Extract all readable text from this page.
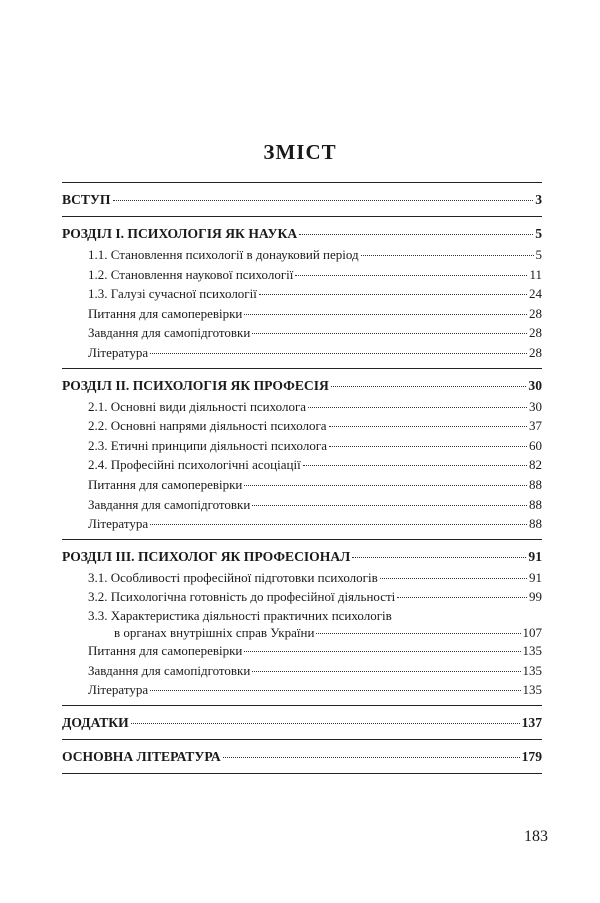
ЗМІСТ
ВСТУП	3
РОЗДІЛ І. ПСИХОЛОГІЯ ЯК НАУКА	5
1.1. Становлення психології в донауковий період	5
1.2. Становлення наукової психології	11
1.3. Галузі сучасної психології	24
Питання для самоперевірки	28
Завдання для самопідготовки	28
Література	28
РОЗДІЛ ІІ. ПСИХОЛОГІЯ ЯК ПРОФЕСІЯ	30
2.1. Основні види діяльності психолога	30
2.2. Основні напрями діяльності психолога	37
2.3. Етичні принципи діяльності психолога	60
2.4. Професійні психологічні асоціації	82
Питання для самоперевірки	88
Завдання для самопідготовки	88
Література	88
РОЗДІЛ ІІІ. ПСИХОЛОГ ЯК ПРОФЕСІОНАЛ	91
3.1. Особливості професійної підготовки психологів	91
3.2. Психологічна готовність до професійної діяльності	99
3.3. Характеристика діяльності практичних психологів
в органах внутрішніх справ України	107
Питання для самоперевірки	135
Завдання для самопідготовки	135
Література	135
ДОДАТКИ	137
ОСНОВНА ЛІТЕРАТУРА	179
183
